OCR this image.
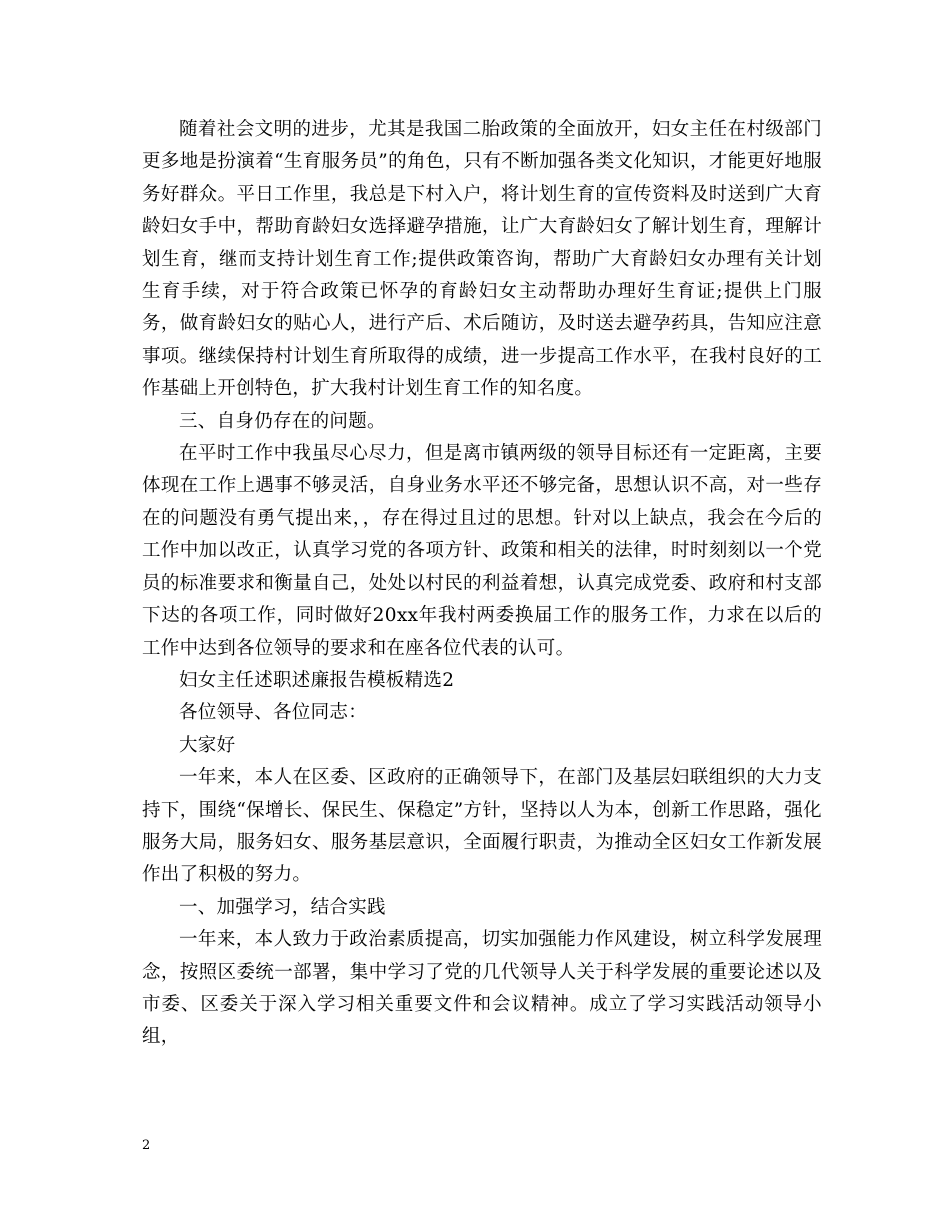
随着社会文明的进步，尤其是我国二胎政策的全面放开，妇女主任在村级部门更多地是扮演着“生育服务员”的角色，只有不断加强各类文化知识，才能更好地服务好群众。平日工作里，我总是下村入户，将计划生育的宣传资料及时送到广大育龄妇女手中，帮助育龄妇女选择避孕措施，让广大育龄妇女了解计划生育，理解计划生育，继而支持计划生育工作;提供政策咨询，帮助广大育龄妇女办理有关计划生育手续，对于符合政策已怀孕的育龄妇女主动帮助办理好生育证;提供上门服务，做育龄妇女的贴心人，进行产后、术后随访，及时送去避孕药具，告知应注意事项。继续保持村计划生育所取得的成绩，进一步提高工作水平，在我村良好的工作基础上开创特色，扩大我村计划生育工作的知名度。

三、自身仍存在的问题。

在平时工作中我虽尽心尽力，但是离市镇两级的领导目标还有一定距离，主要体现在工作上遇事不够灵活，自身业务水平还不够完备，思想认识不高，对一些存在的问题没有勇气提出来，，存在得过且过的思想。针对以上缺点，我会在今后的工作中加以改正，认真学习党的各项方针、政策和相关的法律，时时刻刻以一个党员的标准要求和衡量自己，处处以村民的利益着想，认真完成党委、政府和村支部下达的各项工作，同时做好20xx年我村两委换届工作的服务工作，力求在以后的工作中达到各位领导的要求和在座各位代表的认可。

妇女主任述职述廉报告模板精选2

各位领导、各位同志：

大家好

一年来，本人在区委、区政府的正确领导下，在部门及基层妇联组织的大力支持下，围绕“保增长、保民生、保稳定”方针，坚持以人为本，创新工作思路，强化服务大局，服务妇女、服务基层意识，全面履行职责，为推动全区妇女工作新发展作出了积极的努力。

一、加强学习，结合实践

一年来，本人致力于政治素质提高，切实加强能力作风建设，树立科学发展理念，按照区委统一部署，集中学习了党的几代领导人关于科学发展的重要论述以及市委、区委关于深入学习相关重要文件和会议精神。成立了学习实践活动领导小组，

2
